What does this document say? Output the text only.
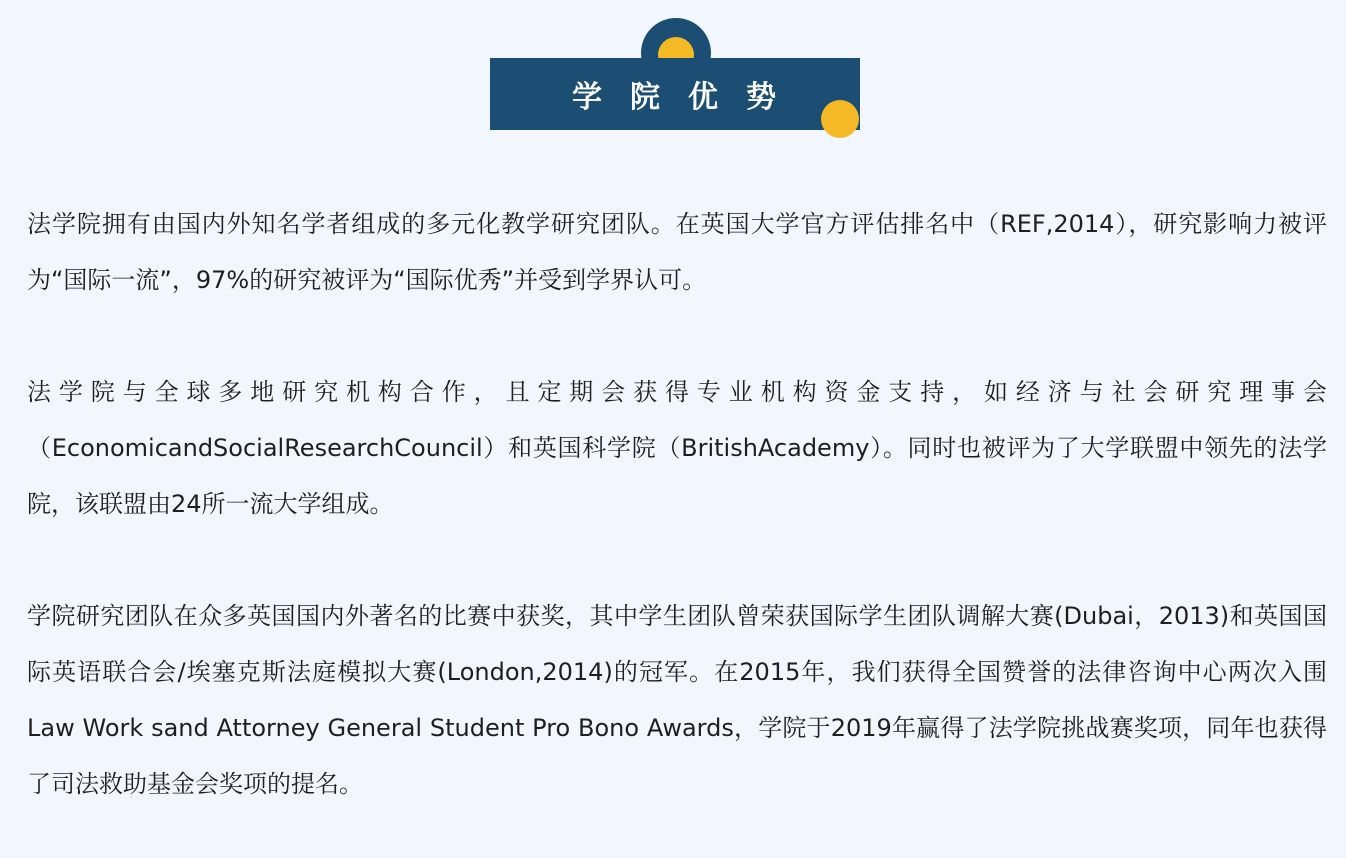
学院优势

法学院拥有由国内外知名学者组成的多元化教学研究团队。在英国大学官方评估排名中（REF,2014），研究影响力被评为“国际一流”，97%的研究被评为“国际优秀”并受到学界认可。

法学院与全球多地研究机构合作，且定期会获得专业机构资金支持，如经济与社会研究理事会（EconomicandSocialResearchCouncil）和英国科学院（BritishAcademy）。同时也被评为了大学联盟中领先的法学院，该联盟由24所一流大学组成。

学院研究团队在众多英国国内外著名的比赛中获奖，其中学生团队曾荣获国际学生团队调解大赛(Dubai，2013)和英国国际英语联合会/埃塞克斯法庭模拟大赛(London,2014)的冠军。在2015年，我们获得全国赞誉的法律咨询中心两次入围Law Work sand Attorney General Student Pro Bono Awards，学院于2019年赢得了法学院挑战赛奖项，同年也获得了司法救助基金会奖项的提名。
